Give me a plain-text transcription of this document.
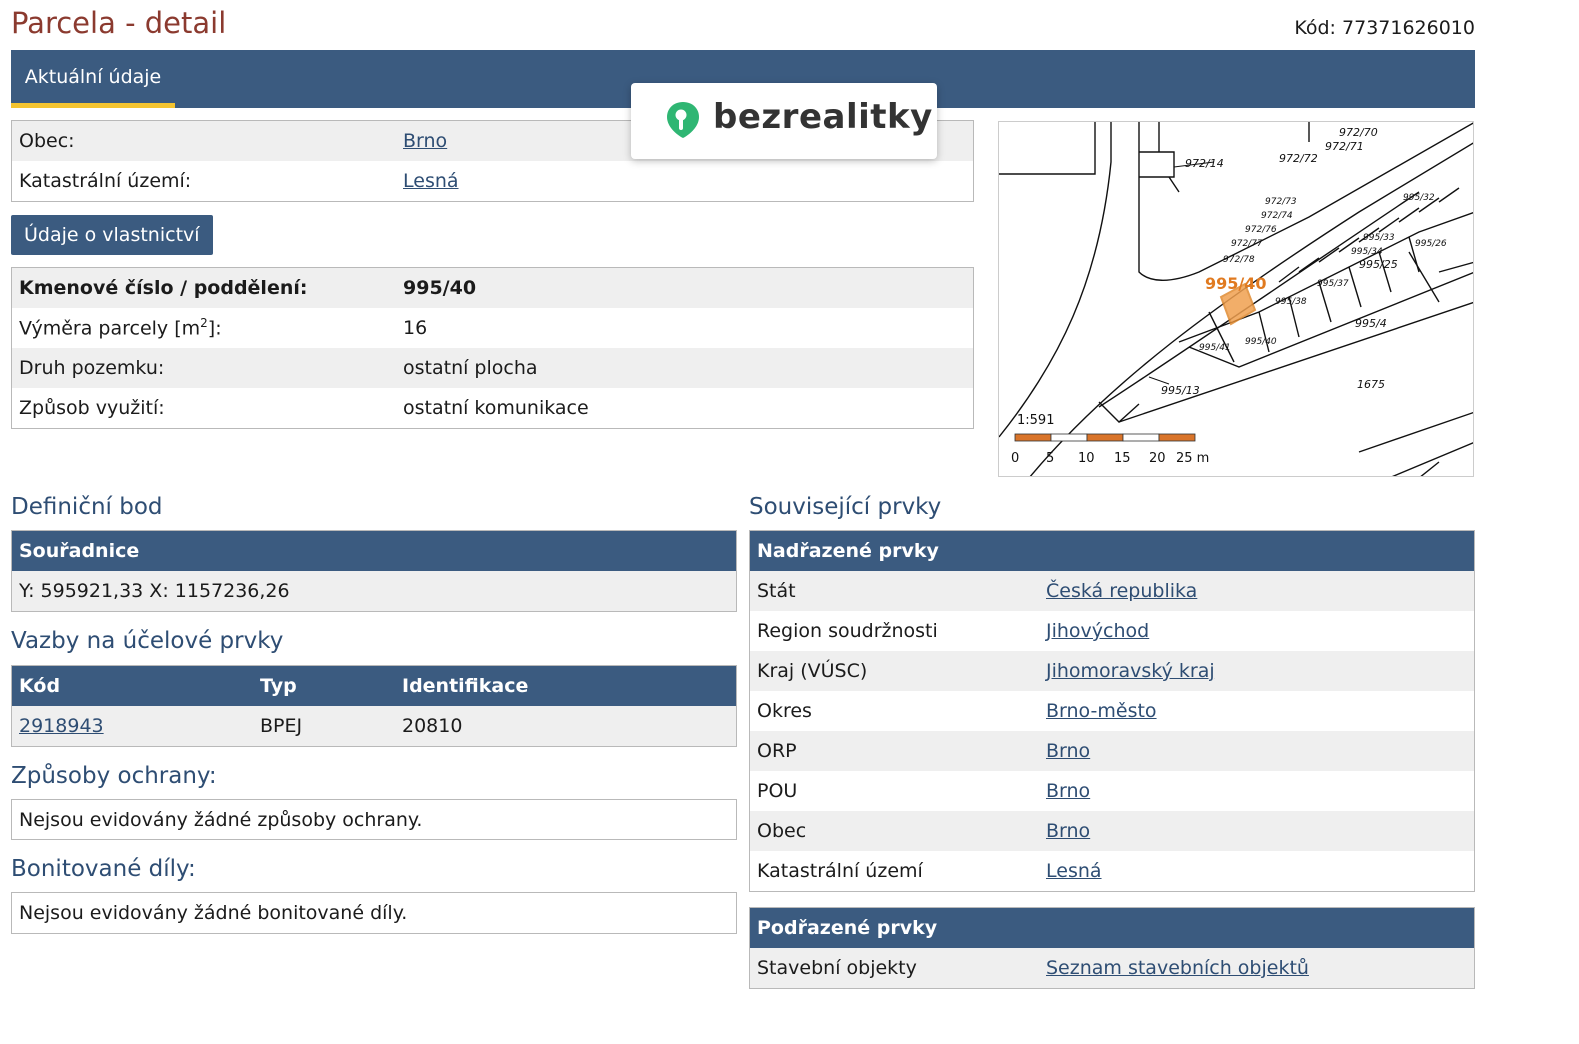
Parcela - detail	Kód: 77371626010
Aktuální údaje
Obec:	Brno
Katastrální území:	Lesná
bezrealitky
Údaje o vlastnictví
Kmenové číslo / poddělení:	995/40
Výměra parcely $[m^2]$:	16
Druh pozemku:	ostatní plocha
Způsob využití:	ostatní komunikace
972/14	972/72
972/70
972/71
972/73
972/74
972/76
972/77
972/78
995/13
995/4
995/41
995/25
995/26
995/32
995/33
995/34
995/37
995/38
995/40
1675
995/40
1:591
0 5 10 15 20 25 m
Definiční bod
Souřadnice
Y: 595921,33 X: 1157236,26
Vazby na účelové prvky
Kód	Typ	Identifikace
2918943	BPEJ	20810
Způsoby ochrany:
Nejsou evidovány žádné způsoby ochrany.
Bonitované díly:
Nejsou evidovány žádné bonitované díly.
Související prvky
Nadřazené prvky	
Stát	Česká republika
Region soudržnosti	Jihovýchod
Kraj (VÚSC)	Jihomoravský kraj
Okres	Brno-město
ORP	Brno
POU	Brno
Obec	Brno
Katastrální území	Lesná
Podřazené prvky
Stavební objekty	Seznam stavebních objektů
